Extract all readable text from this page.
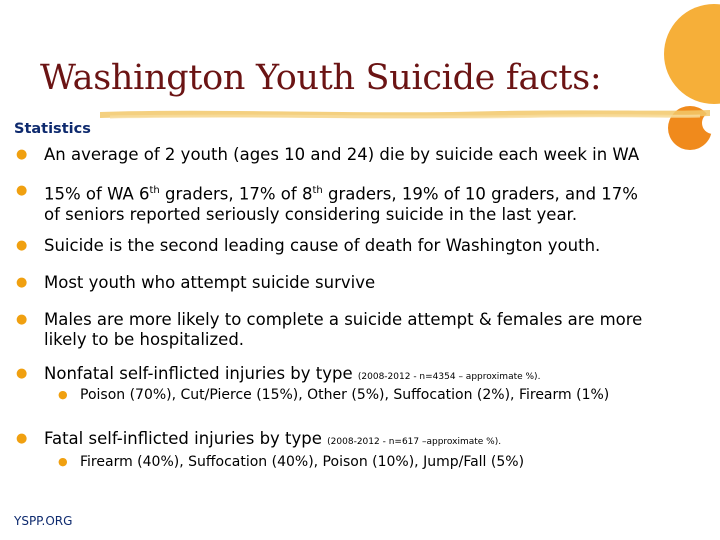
Washington Youth Suicide facts:
Statistics
● An average of 2 youth (ages 10 and 24) die by suicide each week in WA
● 15% of WA 6th graders, 17% of 8th graders, 19% of 10 graders, and 17%
of seniors reported seriously considering suicide in the last year.
● Suicide is the second leading cause of death for Washington youth.
● Most youth who attempt suicide survive
● Males are more likely to complete a suicide attempt & females are more
likely to be hospitalized.
● Nonfatal self-inflicted injuries by type (2008-2012 - n=4354 – approximate %).
● Poison (70%), Cut/Pierce (15%), Other (5%), Suffocation (2%), Firearm (1%)
● Fatal self-inflicted injuries by type (2008-2012 - n=617 –approximate %).
● Firearm (40%), Suffocation (40%), Poison (10%), Jump/Fall (5%)
YSPP.ORG
